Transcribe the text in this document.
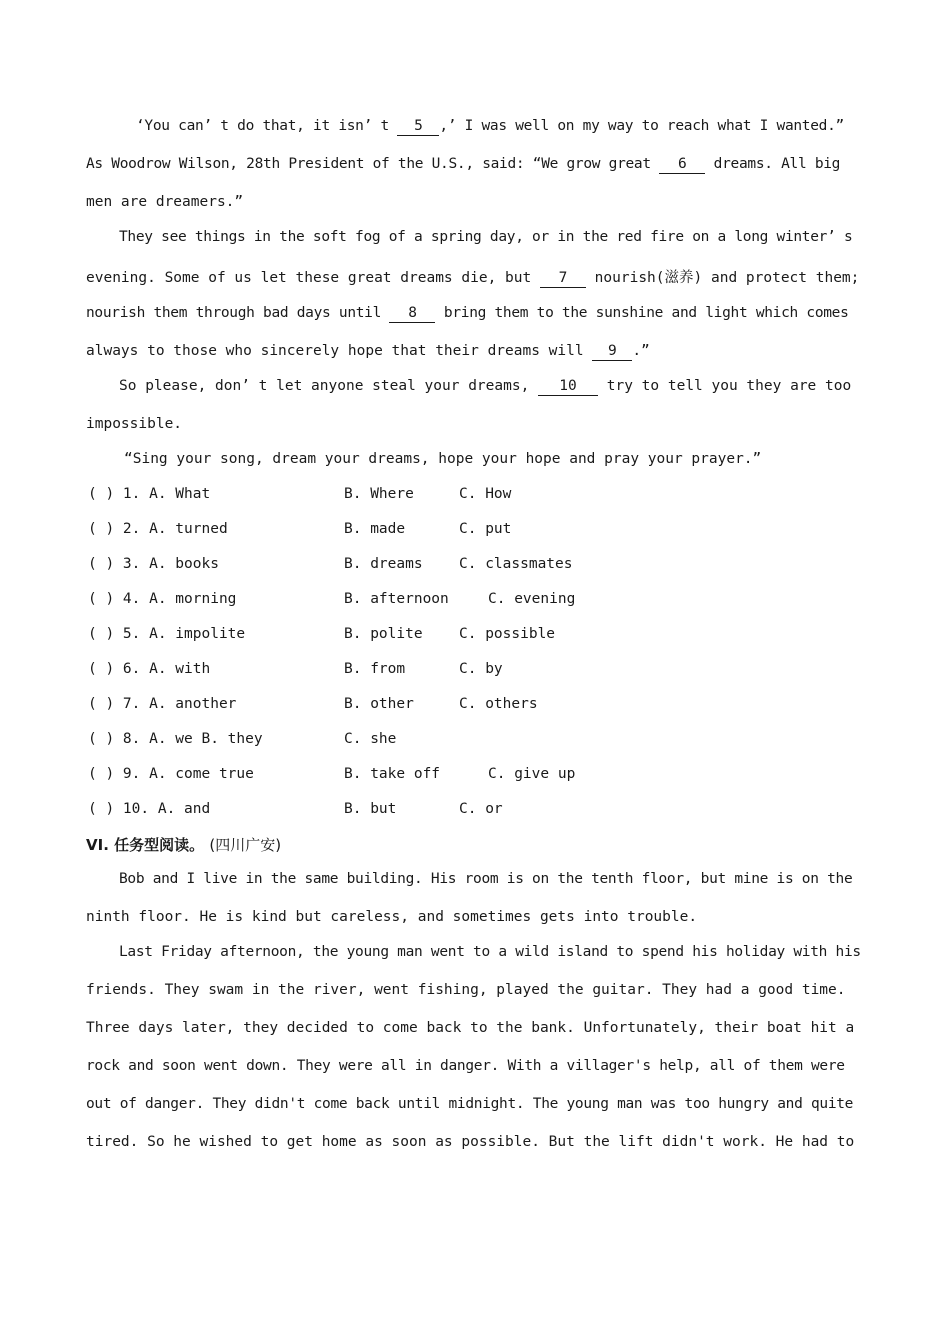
‘You can’ t do that, it isn’ t 5 ,’ I was well on my way to reach what I wanted.”
As Woodrow Wilson, 28th President of the U.S., said: “We grow great 6 dreams. All big
men are dreamers.”
They see things in the soft fog of a spring day, or in the red fire on a long winter’ s
evening. Some of us let these great dreams die, but 7 nourish(滋养) and protect them;
nourish them through bad days until 8 bring them to the sunshine and light which comes
always to those who sincerely hope that their dreams will 9 .”
So please, don’ t let anyone steal your dreams, 10 try to tell you they are too
impossible.
“Sing your song, dream your dreams, hope your hope and pray your prayer.”
( ) 1. A. What	B. Where	C. How
( ) 2. A. turned	B. made	C. put
( ) 3. A. books	B. dreams	C. classmates
( ) 4. A. morning	B. afternoon	C. evening
( ) 5. A. impolite	B. polite	C. possible
( ) 6. A. with	B. from	C. by
( ) 7. A. another	B. other	C. others
( ) 8. A. we B. they	C. she
( ) 9. A. come true	B. take off	C. give up
( ) 10. A. and	B. but	C. or
VI. 任务型阅读。 (四川广安)
Bob and I live in the same building. His room is on the tenth floor, but mine is on the
ninth floor. He is kind but careless, and sometimes gets into trouble.
Last Friday afternoon, the young man went to a wild island to spend his holiday with his
friends. They swam in the river, went fishing, played the guitar. They had a good time.
Three days later, they decided to come back to the bank. Unfortunately, their boat hit a
rock and soon went down. They were all in danger. With a villager's help, all of them were
out of danger. They didn't come back until midnight. The young man was too hungry and quite
tired. So he wished to get home as soon as possible. But the lift didn't work. He had to
